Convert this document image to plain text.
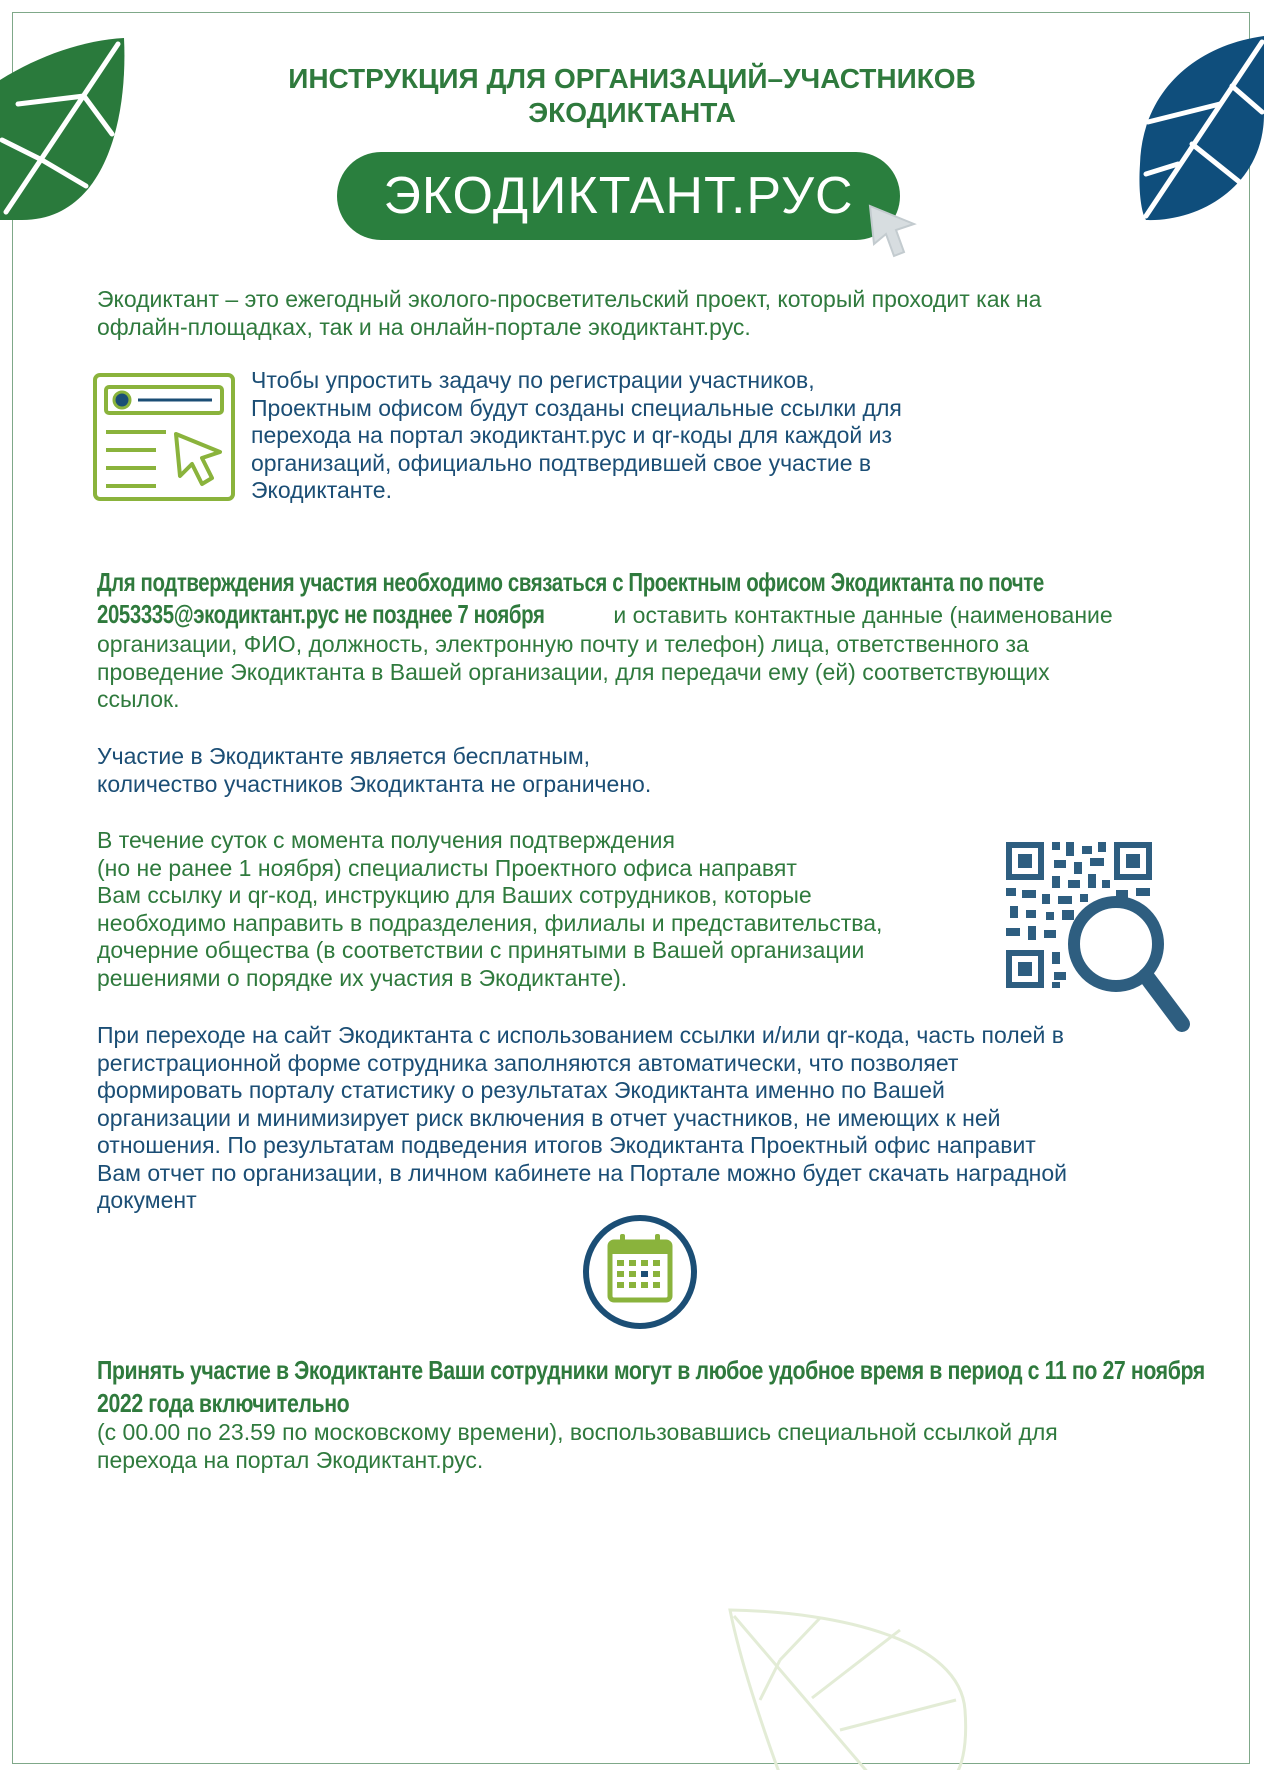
ИНСТРУКЦИЯ ДЛЯ ОРГАНИЗАЦИЙ–УЧАСТНИКОВ
ЭКОДИКТАНТА
ЭКОДИКТАНТ.РУС
Экодиктант – это ежегодный эколого-просветительский проект, который проходит как на
офлайн-площадках, так и на онлайн-портале экодиктант.рус.
Чтобы упростить задачу по регистрации участников,
Проектным офисом будут созданы специальные ссылки для
перехода на портал экодиктант.рус и qr-коды для каждой из
организаций, официально подтвердившей свое участие в
Экодиктанте.
Для подтверждения участия необходимо связаться с Проектным офисом Экодиктанта по почте
2053335@экодиктант.рус не позднее 7 ноября	и оставить контактные данные (наименование
организации, ФИО, должность, электронную почту и телефон) лица, ответственного за
проведение Экодиктанта в Вашей организации, для передачи ему (ей) соответствующих
ссылок.
Участие в Экодиктанте является бесплатным,
количество участников Экодиктанта не ограничено.
В течение суток с момента получения подтверждения
(но не ранее 1 ноября) специалисты Проектного офиса направят
Вам ссылку и qr-код, инструкцию для Ваших сотрудников, которые
необходимо направить в подразделения, филиалы и представительства,
дочерние общества (в соответствии с принятыми в Вашей организации
решениями о порядке их участия в Экодиктанте).
При переходе на сайт Экодиктанта с использованием ссылки и/или qr-кода, часть полей в
регистрационной форме сотрудника заполняются автоматически, что позволяет
формировать порталу статистику о результатах Экодиктанта именно по Вашей
организации и минимизирует риск включения в отчет участников, не имеющих к ней
отношения. По результатам подведения итогов Экодиктанта Проектный офис направит
Вам отчет по организации, в личном кабинете на Портале можно будет скачать наградной
документ
Принять участие в Экодиктанте Ваши сотрудники могут в любое удобное время в период с 11 по 27 ноября
2022 года включительно
(с 00.00 по 23.59 по московскому времени), воспользовавшись специальной ссылкой для
перехода на портал Экодиктант.рус.
